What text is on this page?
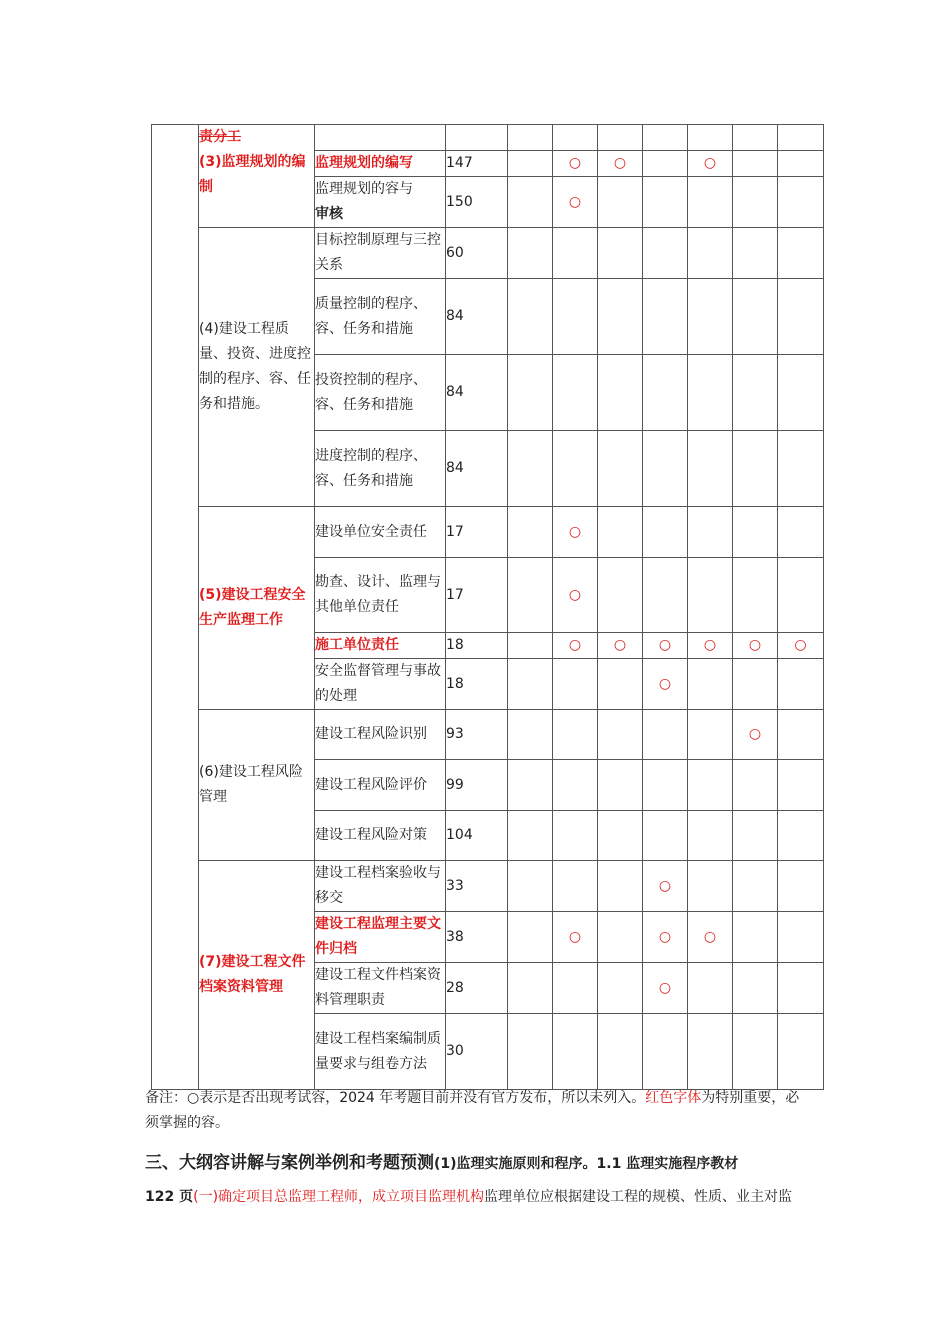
	责分工
(3)监理规划的编制									

		监理规划的编写	147		○	○		○		
		监理规划的容与
审核	150		○					
	(4)建设工程质量、投资、进度控制的程序、容、任务和措施。	目标控制原理与三控关系	60							
		质量控制的程序、容、任务和措施	84							
		投资控制的程序、容、任务和措施	84							
		进度控制的程序、容、任务和措施	84							
	(5)建设工程安全生产监理工作	建设单位安全责任	17		○					
		勘查、设计、监理与其他单位责任	17		○					
		施工单位责任	18		○	○	○	○	○	○
		安全监督管理与事故的处理	18				○			
	(6)建设工程风险管理	建设工程风险识别	93						○	
		建设工程风险评价	99							
		建设工程风险对策	104							
	(7)建设工程文件档案资料管理	建设工程档案验收与移交	33				○			
		建设工程监理主要文件归档	38		○		○	○		
		建设工程文件档案资料管理职责	28				○			
		建设工程档案编制质量要求与组卷方法	30							
备注：○表示是否出现考试容，2024 年考题目前并没有官方发布，所以未列入。红色字体为特别重要，必须掌握的容。
三、大纲容讲解与案例举例和考题预测(1)监理实施原则和程序。1.1 监理实施程序教材
122 页(一)确定项目总监理工程师，成立项目监理机构监理单位应根据建设工程的规模、性质、业主对监
